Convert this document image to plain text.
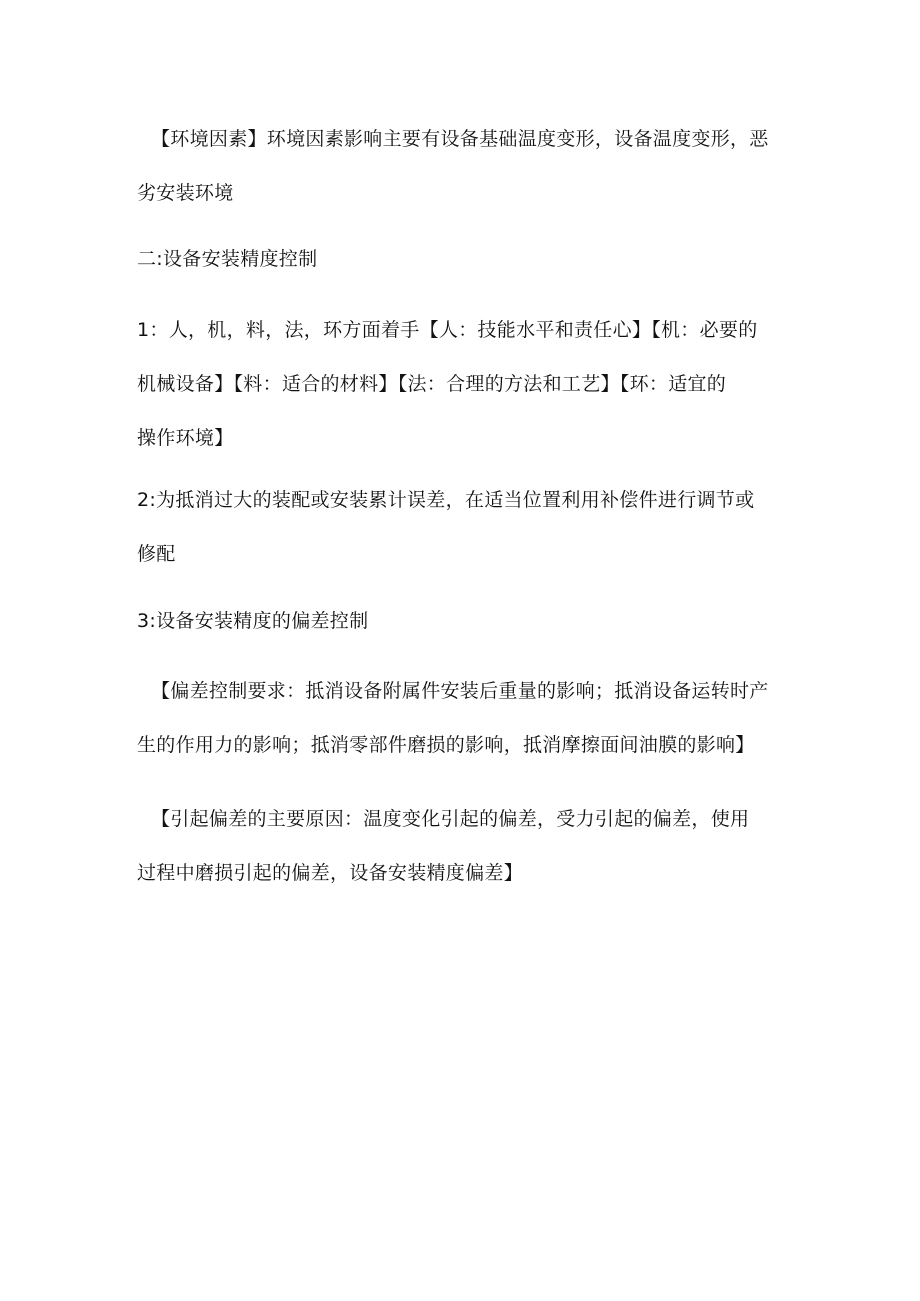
【环境因素】环境因素影响主要有设备基础温度变形，设备温度变形，恶
劣安装环境
二:设备安装精度控制
1：人，机，料，法，环方面着手【人：技能水平和责任心】【机：必要的
机械设备】【料：适合的材料】【法：合理的方法和工艺】【环：适宜的
操作环境】
2:为抵消过大的装配或安装累计误差，在适当位置利用补偿件进行调节或
修配
3:设备安装精度的偏差控制
【偏差控制要求：抵消设备附属件安装后重量的影响；抵消设备运转时产
生的作用力的影响；抵消零部件磨损的影响，抵消摩擦面间油膜的影响】
【引起偏差的主要原因：温度变化引起的偏差，受力引起的偏差，使用
过程中磨损引起的偏差，设备安装精度偏差】
